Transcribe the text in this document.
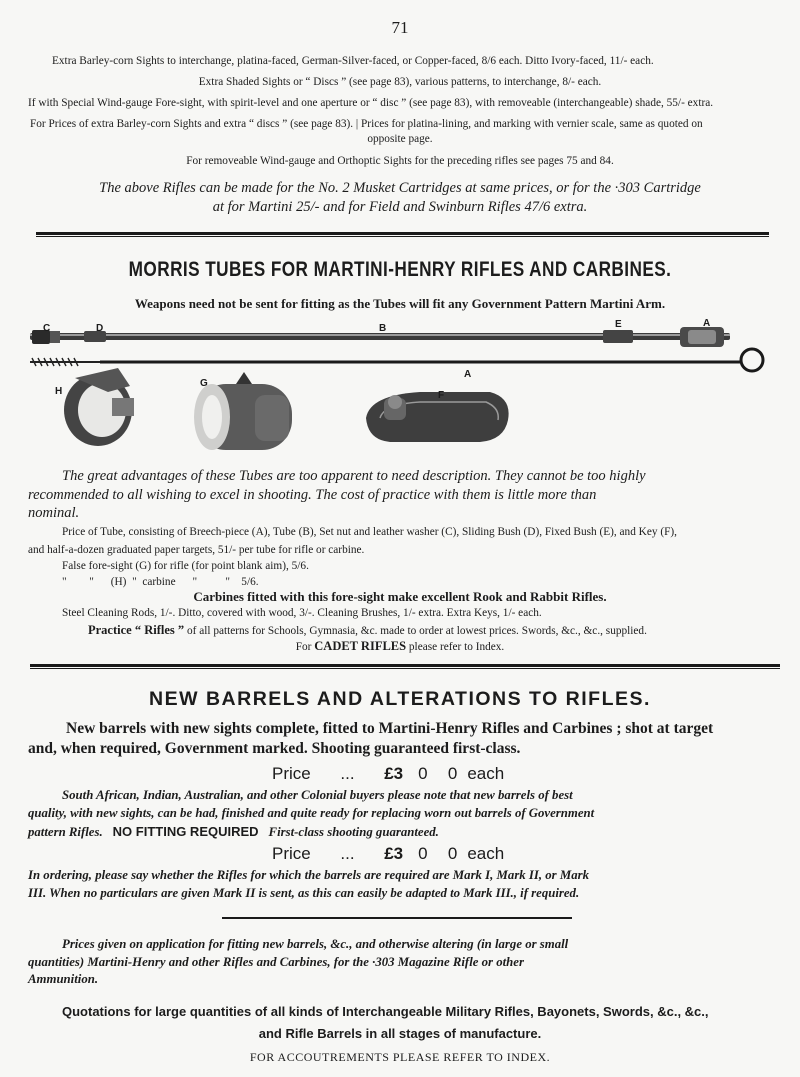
71
Extra Barley-corn Sights to interchange, platina-faced, German-Silver-faced, or Copper-faced, 8/6 each. Ditto Ivory-faced, 11/- each.
Extra Shaded Sights or “ Discs ” (see page 83), various patterns, to interchange, 8/- each.
If with Special Wind-gauge Fore-sight, with spirit-level and one aperture or “ disc ” (see page 83), with removeable (interchangeable) shade, 55/- extra.
For Prices of extra Barley-corn Sights and extra “ discs ” (see page 83). | Prices for platina-lining, and marking with vernier scale, same as quoted on
opposite page.
For removeable Wind-gauge and Orthoptic Sights for the preceding rifles see pages 75 and 84.
The above Rifles can be made for the No. 2 Musket Cartridges at same prices, or for the ·303 Cartridge
at for Martini 25/- and for Field and Swinburn Rifles 47/6 extra.
MORRIS TUBES FOR MARTINI-HENRY RIFLES AND CARBINES.
Weapons need not be sent for fitting as the Tubes will fit any Government Pattern Martini Arm.
C	D	B	E	A
H
G
A
F
The great advantages of these Tubes are too apparent to need description. They cannot be too highly
recommended to all wishing to excel in shooting. The cost of practice with them is little more than
nominal.
Price of Tube, consisting of Breech-piece (A), Tube (B), Set nut and leather washer (C), Sliding Bush (D), Fixed Bush (E), and Key (F),
and half-a-dozen graduated paper targets, 51/- per tube for rifle or carbine.
False fore-sight (G) for rifle (for point blank aim), 5/6.
"        "      (H)  "  carbine      "          "    5/6.
Carbines fitted with this fore-sight make excellent Rook and Rabbit Rifles.
Steel Cleaning Rods, 1/-. Ditto, covered with wood, 3/-. Cleaning Brushes, 1/- extra. Extra Keys, 1/- each.
Practice “ Rifles ” of all patterns for Schools, Gymnasia, &c. made to order at lowest prices. Swords, &c., &c., supplied.
For CADET RIFLES please refer to Index.
NEW BARRELS AND ALTERATIONS TO RIFLES.
New barrels with new sights complete, fitted to Martini-Henry Rifles and Carbines ; shot at target
and, when required, Government marked. Shooting guaranteed first-class.
Price ... £3 0 0 each
South African, Indian, Australian, and other Colonial buyers please note that new barrels of best
quality, with new sights, can be had, finished and quite ready for replacing worn out barrels of Government
pattern Rifles. NO FITTING REQUIRED First-class shooting guaranteed.
Price ... £3 0 0 each
In ordering, please say whether the Rifles for which the barrels are required are Mark I, Mark II, or Mark
III. When no particulars are given Mark II is sent, as this can easily be adapted to Mark III., if required.
Prices given on application for fitting new barrels, &c., and otherwise altering (in large or small
quantities) Martini-Henry and other Rifles and Carbines, for the ·303 Magazine Rifle or other
Ammunition.
Quotations for large quantities of all kinds of Interchangeable Military Rifles, Bayonets, Swords, &c., &c.,
and Rifle Barrels in all stages of manufacture.
FOR ACCOUTREMENTS PLEASE REFER TO INDEX.
